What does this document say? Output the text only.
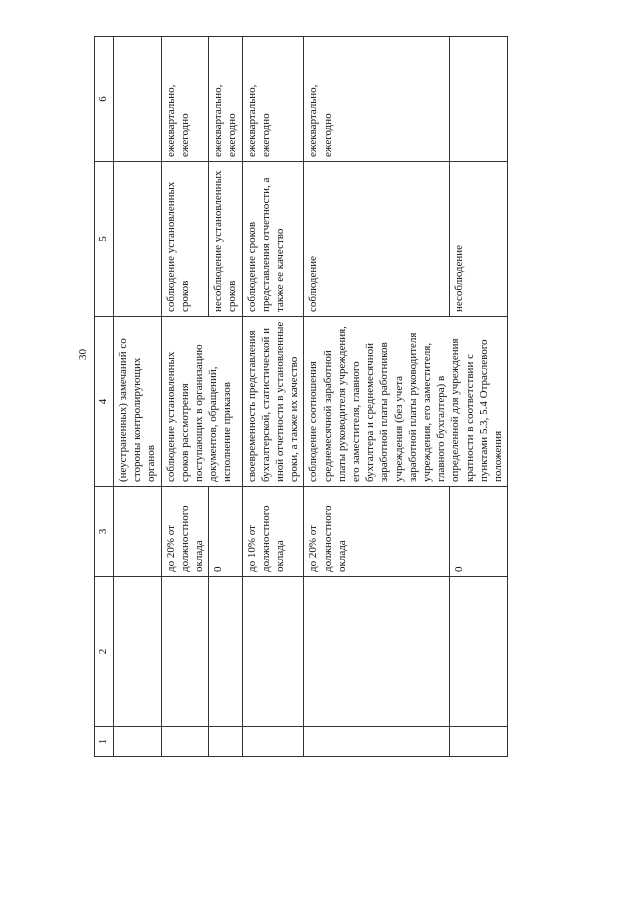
30
1	2	3	4	5	6
			(неустраненных) замечаний со стороны контролирующих органов		
		до 20% от должностного оклада	соблюдение установленных сроков рассмотрения поступающих в организацию документов, обращений, исполнение приказов	соблюдение установленных сроков	ежеквартально, ежегодно
		0		несоблюдение установленных сроков	ежеквартально, ежегодно
		до 10% от должностного оклада	своевременность представления бухгалтерской, статистической и иной отчетности в установленные сроки, а также их качество	соблюдение сроков представления отчетности, а также ее качество	ежеквартально, ежегодно
		до 20% от должностного оклада	соблюдение соотношения среднемесячной заработной платы руководителя учреждения, его заместителя, главного бухгалтера и среднемесячной заработной платы работников учреждения (без учета заработной платы руководителя учреждения, его заместителя, главного бухгалтера) в определенной для учреждения кратности в соответствии с пунктами 5.3, 5.4 Отраслевого положения	соблюдение	ежеквартально, ежегодно
		0		несоблюдение	
